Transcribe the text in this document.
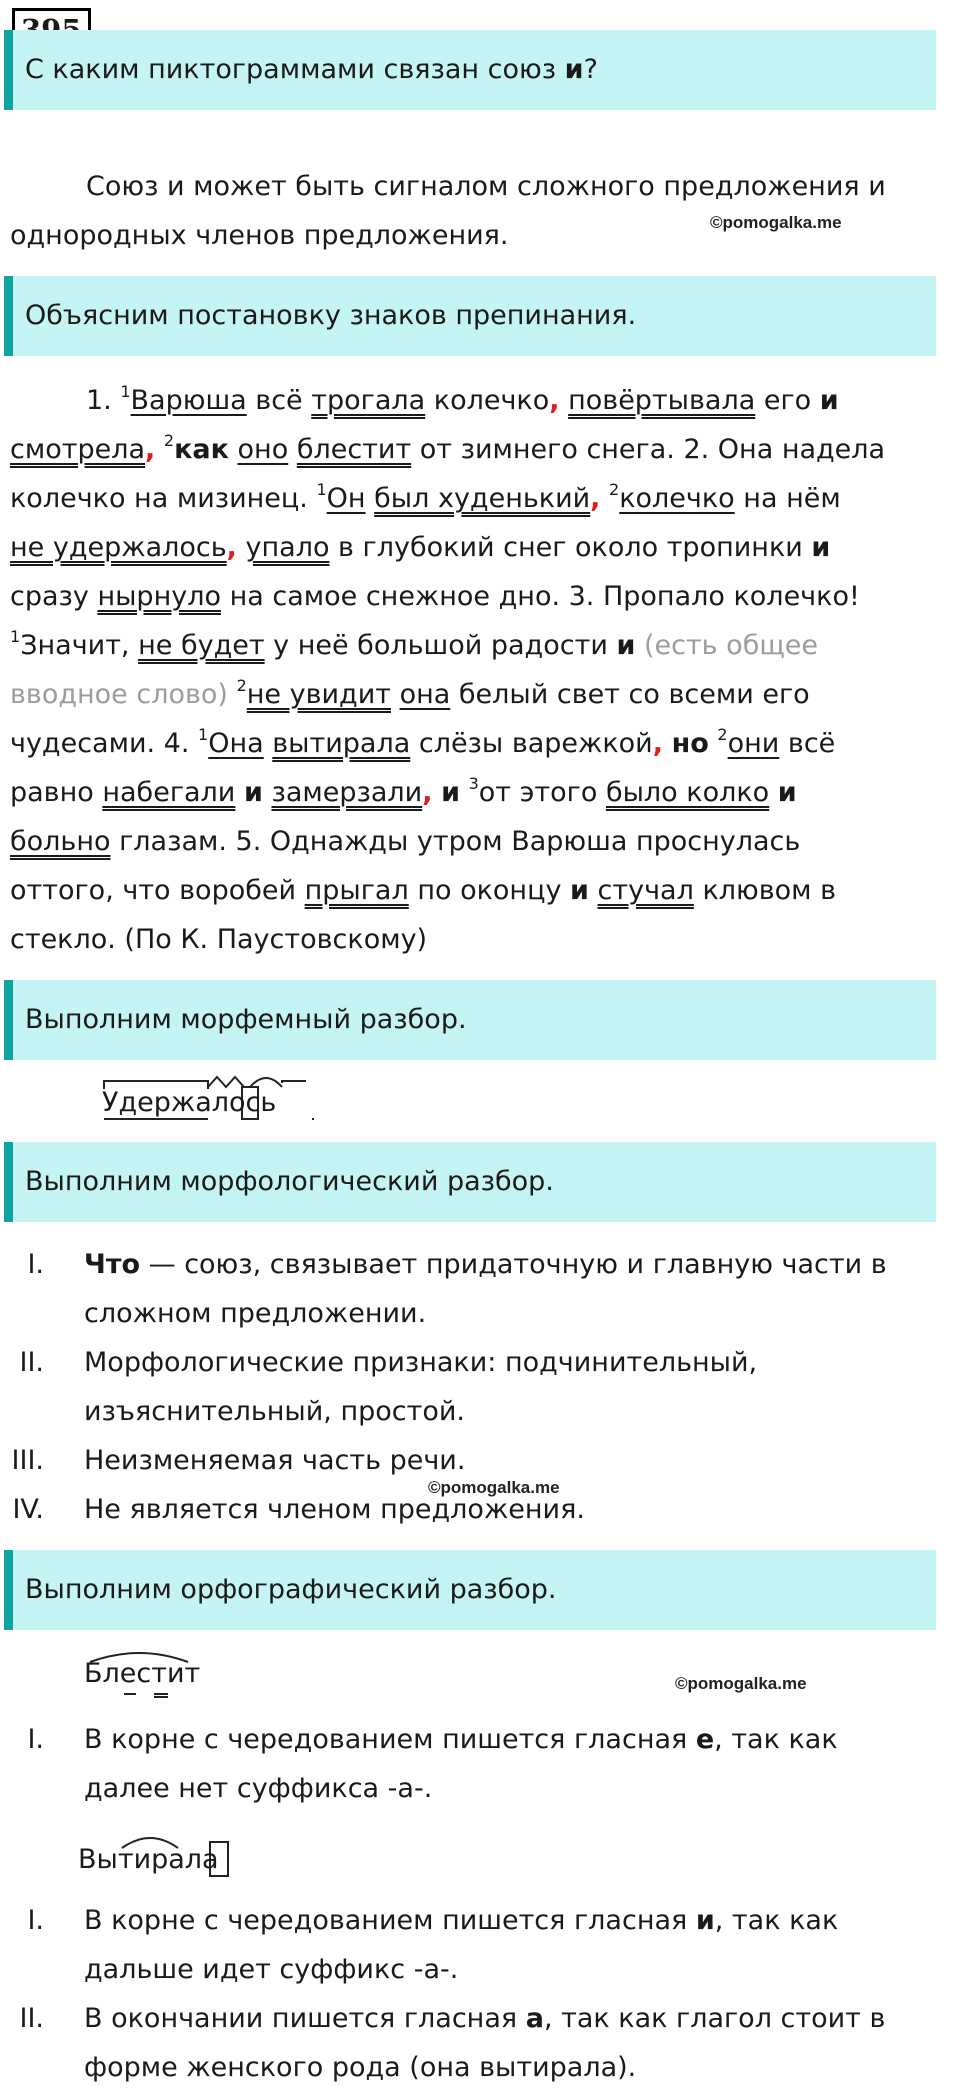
С каким пиктограммами связан союз и?
Союз и может быть сигналом сложного предложения и
однородных членов предложения.	©pomogalka.me
Объясним постановку знаков препинания.
1. $^1$Варюша всё трогала колечко, повёртывала его и
смотрела, $^2$как оно блестит от зимнего снега. 2. Она надела
колечко на мизинец. $^1$Он был худенький, $^2$колечко на нём
не удержалось, упало в глубокий снег около тропинки и
сразу нырнуло на самое снежное дно. 3. Пропало колечко!
$^1$Значит, не будет у неё большой радости и (есть общее
вводное слово) $^2$не увидит она белый свет со всеми его
чудесами. 4. $^1$Она вытирала слёзы варежкой, но $^2$они всё
равно набегали и замерзали, и $^3$от этого было колко и
больно глазам. 5. Однажды утром Варюша проснулась
оттого, что воробей прыгал по оконцу и стучал клювом в
стекло. (По К. Паустовскому)
Выполним морфемный разбор.
Удержалось
Выполним морфологический разбор.
I. Что — союз, связывает придаточную и главную части в
сложном предложении.
II. Морфологические признаки: подчинительный,
изъяснительный, простой.
III. Неизменяемая часть речи.
IV. Не является членом предложения.
©pomogalka.me
Выполним орфографический разбор.
Блестит	©pomogalka.me
I. В корне с чередованием пишется гласная е, так как
далее нет суффикса -а-.
Вытирала
I. В корне с чередованием пишется гласная и, так как
дальше идет суффикс -а-.
II. В окончании пишется гласная а, так как глагол стоит в
форме женского рода (она вытирала).
